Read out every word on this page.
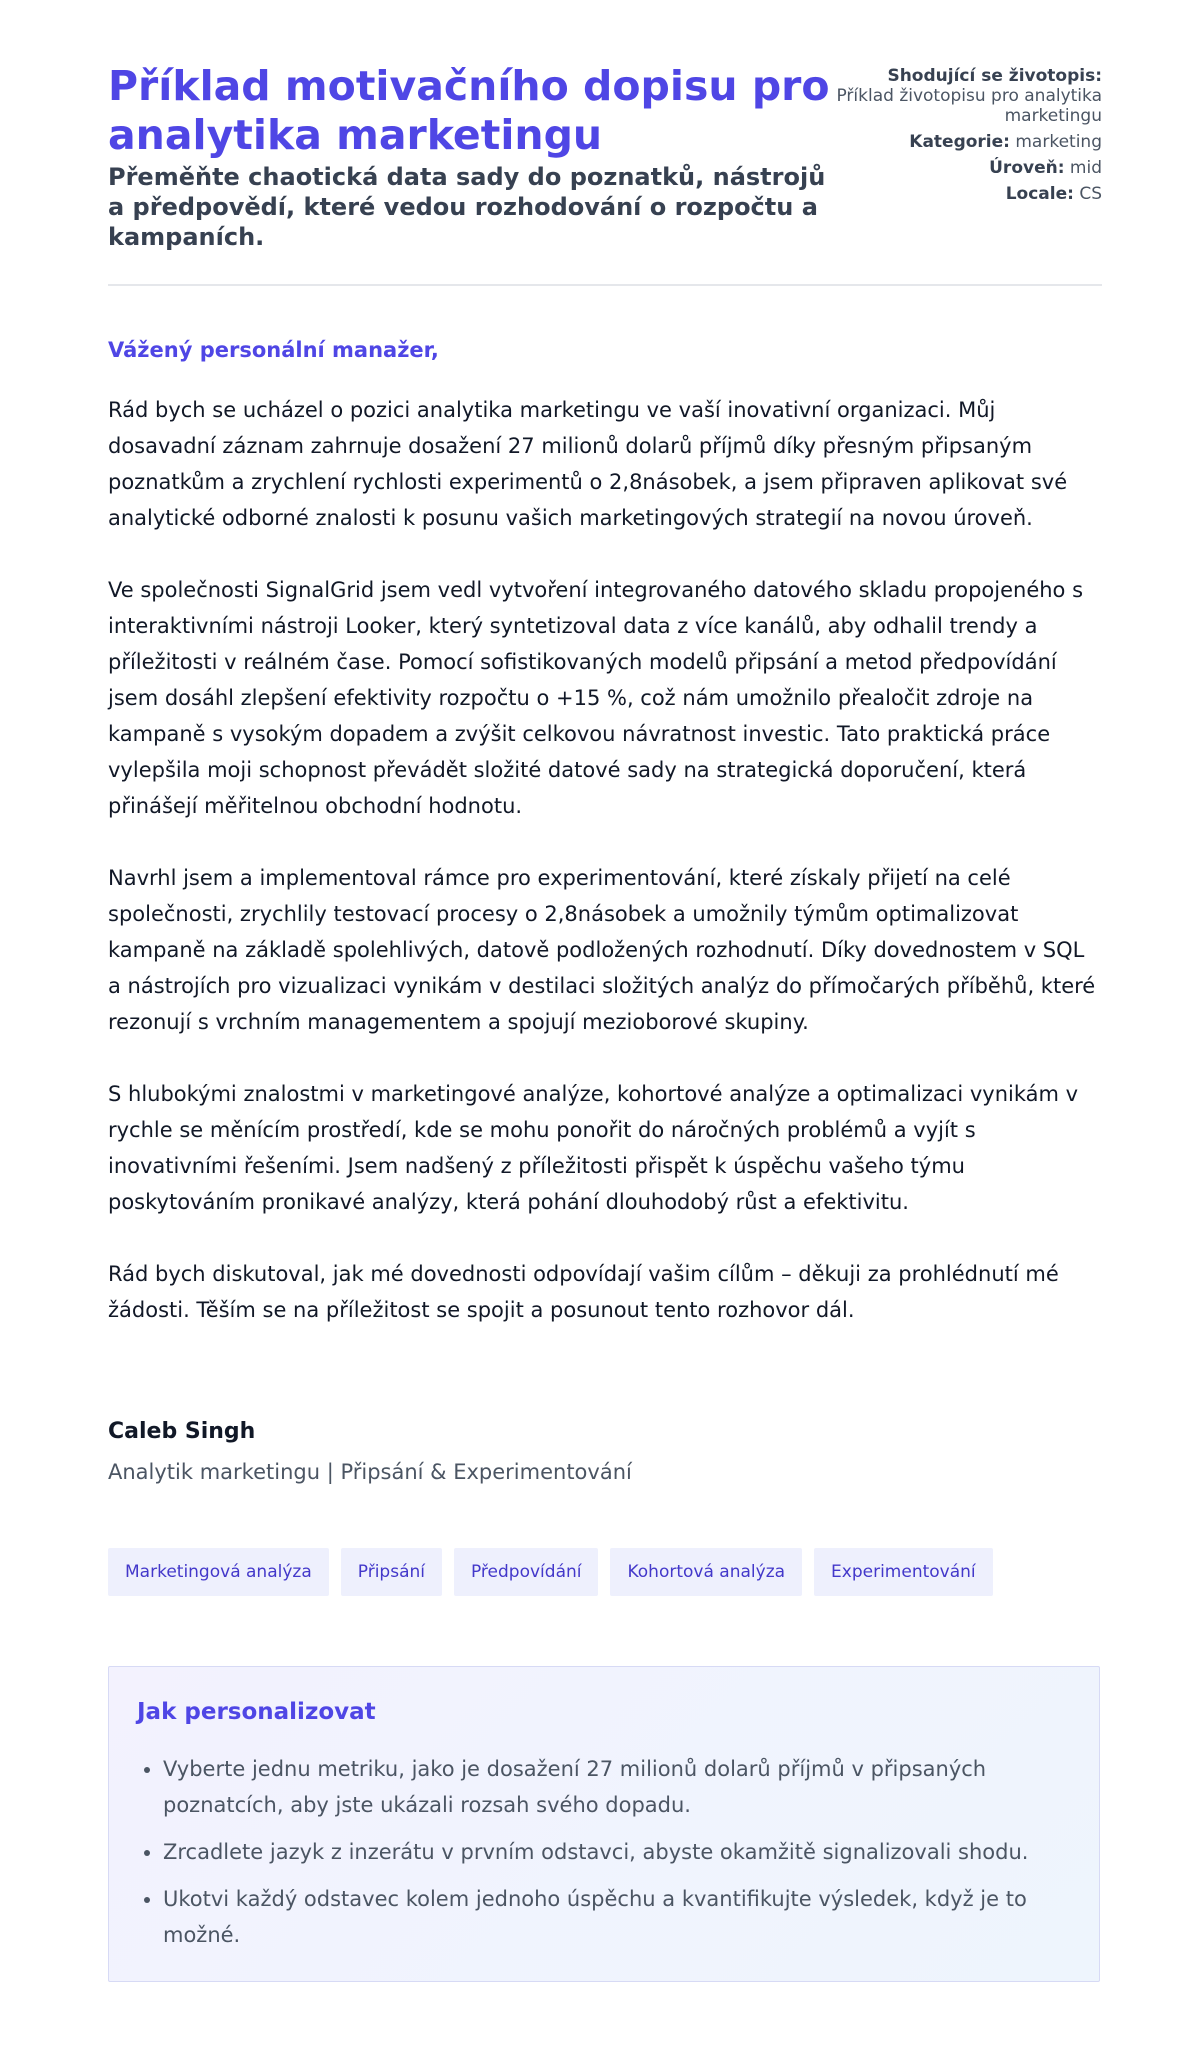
Příklad motivačního dopisu pro analytika marketingu
Přeměňte chaotická data sady do poznatků, nástrojů a předpovědí, které vedou rozhodování o rozpočtu a kampaních.
Shodující se životopis:
Příklad životopisu pro analytika marketingu
Kategorie: marketing
Úroveň: mid
Locale: CS

Vážený personální manažer,

Rád bych se ucházel o pozici analytika marketingu ve vaší inovativní organizaci. Můj dosavadní záznam zahrnuje dosažení 27 milionů dolarů příjmů díky přesným připsaným poznatkům a zrychlení rychlosti experimentů o 2,8násobek, a jsem připraven aplikovat své analytické odborné znalosti k posunu vašich marketingových strategií na novou úroveň.

Ve společnosti SignalGrid jsem vedl vytvoření integrovaného datového skladu propojeného s interaktivními nástroji Looker, který syntetizoval data z více kanálů, aby odhalil trendy a příležitosti v reálném čase. Pomocí sofistikovaných modelů připsání a metod předpovídání jsem dosáhl zlepšení efektivity rozpočtu o +15 %, což nám umožnilo přealočit zdroje na kampaně s vysokým dopadem a zvýšit celkovou návratnost investic. Tato praktická práce vylepšila moji schopnost převádět složité datové sady na strategická doporučení, která přinášejí měřitelnou obchodní hodnotu.

Navrhl jsem a implementoval rámce pro experimentování, které získaly přijetí na celé společnosti, zrychlily testovací procesy o 2,8násobek a umožnily týmům optimalizovat kampaně na základě spolehlivých, datově podložených rozhodnutí. Díky dovednostem v SQL a nástrojích pro vizualizaci vynikám v destilaci složitých analýz do přímočarých příběhů, které rezonují s vrchním managementem a spojují mezioborové skupiny.

S hlubokými znalostmi v marketingové analýze, kohortové analýze a optimalizaci vynikám v rychle se měnícím prostředí, kde se mohu ponořit do náročných problémů a vyjít s inovativními řešeními. Jsem nadšený z příležitosti přispět k úspěchu vašeho týmu poskytováním pronikavé analýzy, která pohání dlouhodobý růst a efektivitu.

Rád bych diskutoval, jak mé dovednosti odpovídají vašim cílům – děkuji za prohlédnutí mé žádosti. Těším se na příležitost se spojit a posunout tento rozhovor dál.

Caleb Singh

Analytik marketingu | Připsání & Experimentování

Marketingová analýza	Připsání	Předpovídání	Kohortová analýza	Experimentování
Jak personalizovat
• Vyberte jednu metriku, jako je dosažení 27 milionů dolarů příjmů v připsaných poznatcích, aby jste ukázali rozsah svého dopadu.
• Zrcadlete jazyk z inzerátu v prvním odstavci, abyste okamžitě signalizovali shodu.
• Ukotvi každý odstavec kolem jednoho úspěchu a kvantifikujte výsledek, když je to možné.
